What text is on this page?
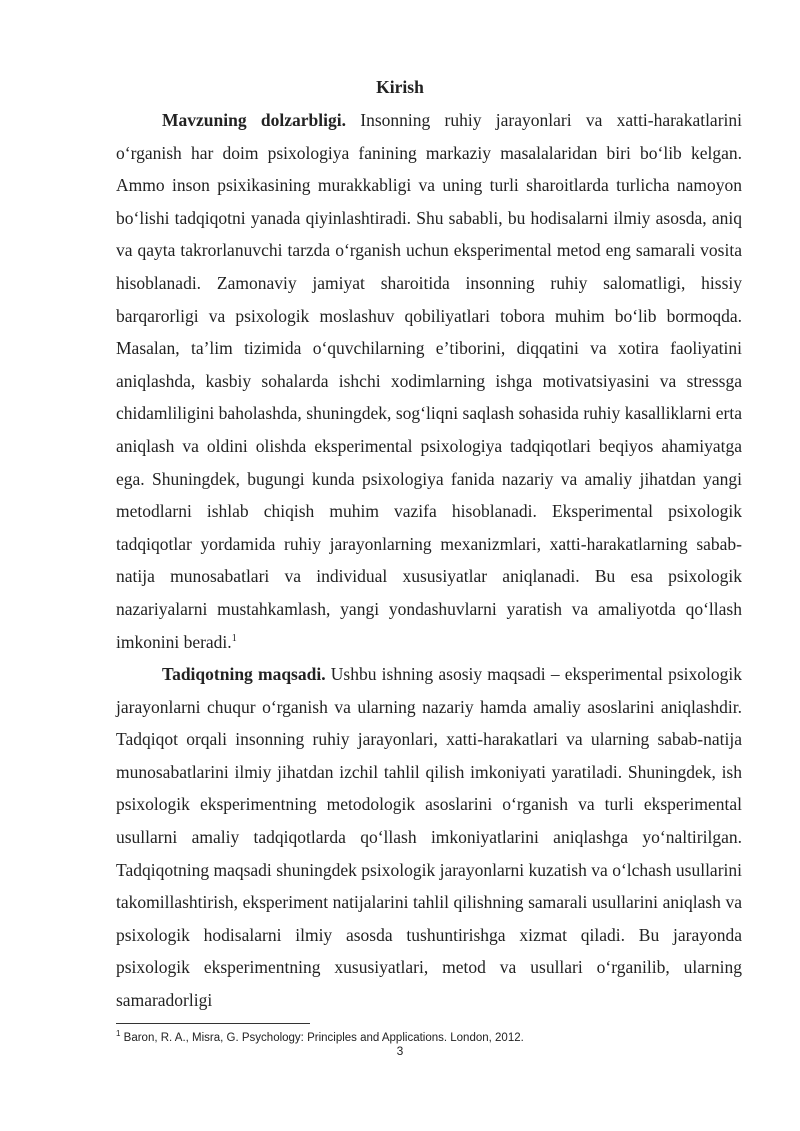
Kirish

Mavzuning dolzarbligi. Insonning ruhiy jarayonlari va xatti-harakatlarini oʻrganish har doim psixologiya fanining markaziy masalalaridan biri boʻlib kelgan. Ammo inson psixikasining murakkabligi va uning turli sharoitlarda turlicha namoyon boʻlishi tadqiqotni yanada qiyinlashtiradi. Shu sababli, bu hodisalarni ilmiy asosda, aniq va qayta takrorlanuvchi tarzda oʻrganish uchun eksperimental metod eng samarali vosita hisoblanadi. Zamonaviy jamiyat sharoitida insonning ruhiy salomatligi, hissiy barqarorligi va psixologik moslashuv qobiliyatlari tobora muhim boʻlib bormoqda. Masalan, taʼlim tizimida oʻquvchilarning eʼtiborini, diqqatini va xotira faoliyatini aniqlashda, kasbiy sohalarda ishchi xodimlarning ishga motivatsiyasini va stressga chidamliligini baholashda, shuningdek, sogʻliqni saqlash sohasida ruhiy kasalliklarni erta aniqlash va oldini olishda eksperimental psixologiya tadqiqotlari beqiyos ahamiyatga ega. Shuningdek, bugungi kunda psixologiya fanida nazariy va amaliy jihatdan yangi metodlarni ishlab chiqish muhim vazifa hisoblanadi. Eksperimental psixologik tadqiqotlar yordamida ruhiy jarayonlarning mexanizmlari, xatti-harakatlarning sabab-natija munosabatlari va individual xususiyatlar aniqlanadi. Bu esa psixologik nazariyalarni mustahkamlash, yangi yondashuvlarni yaratish va amaliyotda qoʻllash imkonini beradi.$^1$

Tadiqotning maqsadi. Ushbu ishning asosiy maqsadi – eksperimental psixologik jarayonlarni chuqur oʻrganish va ularning nazariy hamda amaliy asoslarini aniqlashdir. Tadqiqot orqali insonning ruhiy jarayonlari, xatti-harakatlari va ularning sabab-natija munosabatlarini ilmiy jihatdan izchil tahlil qilish imkoniyati yaratiladi. Shuningdek, ish psixologik eksperimentning metodologik asoslarini oʻrganish va turli eksperimental usullarni amaliy tadqiqotlarda qoʻllash imkoniyatlarini aniqlashga yoʻnaltirilgan. Tadqiqotning maqsadi shuningdek psixologik jarayonlarni kuzatish va oʻlchash usullarini takomillashtirish, eksperiment natijalarini tahlil qilishning samarali usullarini aniqlash va psixologik hodisalarni ilmiy asosda tushuntirishga xizmat qiladi. Bu jarayonda psixologik eksperimentning xususiyatlari, metod va usullari oʻrganilib, ularning samaradorligi

$^1$ Baron, R. A., Misra, G. Psychology: Principles and Applications. London, 2012.
3
